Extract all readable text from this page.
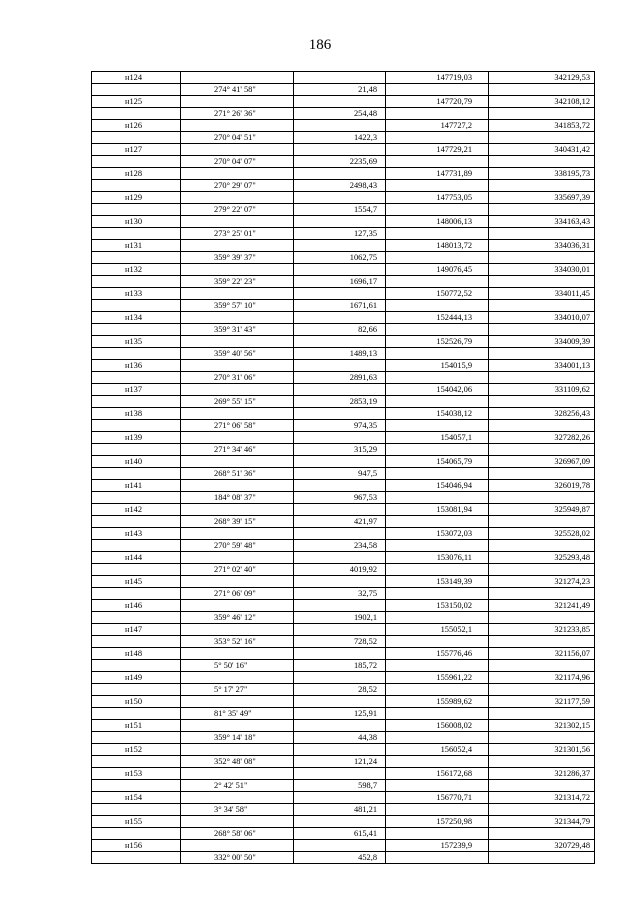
186
н124			147719,03	342129,53
	274° 41' 58"	21,48		
н125			147720,79	342108,12
	271° 26' 36"	254,48		
н126			147727,2	341853,72
	270° 04' 51"	1422,3		
н127			147729,21	340431,42
	270° 04' 07"	2235,69		
н128			147731,89	338195,73
	270° 29' 07"	2498,43		
н129			147753,05	335697,39
	279° 22' 07"	1554,7		
н130			148006,13	334163,43
	273° 25' 01"	127,35		
н131			148013,72	334036,31
	359° 39' 37"	1062,75		
н132			149076,45	334030,01
	359° 22' 23"	1696,17		
н133			150772,52	334011,45
	359° 57' 10"	1671,61		
н134			152444,13	334010,07
	359° 31' 43"	82,66		
н135			152526,79	334009,39
	359° 40' 56"	1489,13		
н136			154015,9	334001,13
	270° 31' 06"	2891,63		
н137			154042,06	331109,62
	269° 55' 15"	2853,19		
н138			154038,12	328256,43
	271° 06' 58"	974,35		
н139			154057,1	327282,26
	271° 34' 46"	315,29		
н140			154065,79	326967,09
	268° 51' 36"	947,5		
н141			154046,94	326019,78
	184° 08' 37"	967,53		
н142			153081,94	325949,87
	268° 39' 15"	421,97		
н143			153072,03	325528,02
	270° 59' 48"	234,58		
н144			153076,11	325293,48
	271° 02' 40"	4019,92		
н145			153149,39	321274,23
	271° 06' 09"	32,75		
н146			153150,02	321241,49
	359° 46' 12"	1902,1		
н147			155052,1	321233,85
	353° 52' 16"	728,52		
н148			155776,46	321156,07
	5° 50' 16"	185,72		
н149			155961,22	321174,96
	5° 17' 27"	28,52		
н150			155989,62	321177,59
	81° 35' 49"	125,91		
н151			156008,02	321302,15
	359° 14' 18"	44,38		
н152			156052,4	321301,56
	352° 48' 08"	121,24		
н153			156172,68	321286,37
	2° 42' 51"	598,7		
н154			156770,71	321314,72
	3° 34' 58"	481,21		
н155			157250,98	321344,79
	268° 58' 06"	615,41		
н156			157239,9	320729,48
	332° 00' 50"	452,8		
